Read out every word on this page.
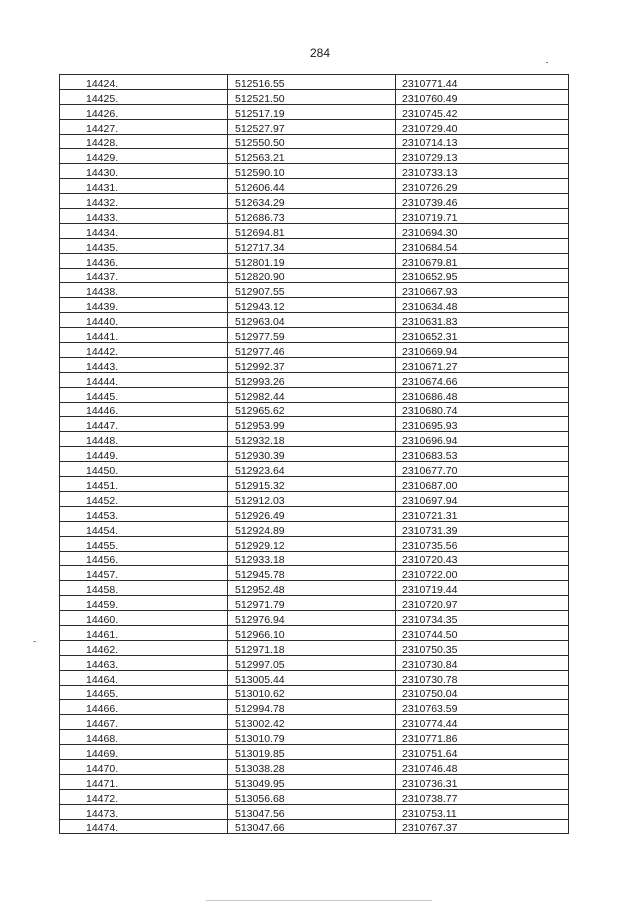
284
14424.	512516.55	2310771.44
14425.	512521.50	2310760.49
14426.	512517.19	2310745.42
14427.	512527.97	2310729.40
14428.	512550.50	2310714.13
14429.	512563.21	2310729.13
14430.	512590.10	2310733.13
14431.	512606.44	2310726.29
14432.	512634.29	2310739.46
14433.	512686.73	2310719.71
14434.	512694.81	2310694.30
14435.	512717.34	2310684.54
14436.	512801.19	2310679.81
14437.	512820.90	2310652.95
14438.	512907.55	2310667.93
14439.	512943.12	2310634.48
14440.	512963.04	2310631.83
14441.	512977.59	2310652.31
14442.	512977.46	2310669.94
14443.	512992.37	2310671.27
14444.	512993.26	2310674.66
14445.	512982.44	2310686.48
14446.	512965.62	2310680.74
14447.	512953.99	2310695.93
14448.	512932.18	2310696.94
14449.	512930.39	2310683.53
14450.	512923.64	2310677.70
14451.	512915.32	2310687.00
14452.	512912.03	2310697.94
14453.	512926.49	2310721.31
14454.	512924.89	2310731.39
14455.	512929.12	2310735.56
14456.	512933.18	2310720.43
14457.	512945.78	2310722.00
14458.	512952.48	2310719.44
14459.	512971.79	2310720.97
14460.	512976.94	2310734.35
14461.	512966.10	2310744.50
14462.	512971.18	2310750.35
14463.	512997.05	2310730.84
14464.	513005.44	2310730.78
14465.	513010.62	2310750.04
14466.	512994.78	2310763.59
14467.	513002.42	2310774.44
14468.	513010.79	2310771.86
14469.	513019.85	2310751.64
14470.	513038.28	2310746.48
14471.	513049.95	2310736.31
14472.	513056.68	2310738.77
14473.	513047.56	2310753.11
14474.	513047.66	2310767.37
